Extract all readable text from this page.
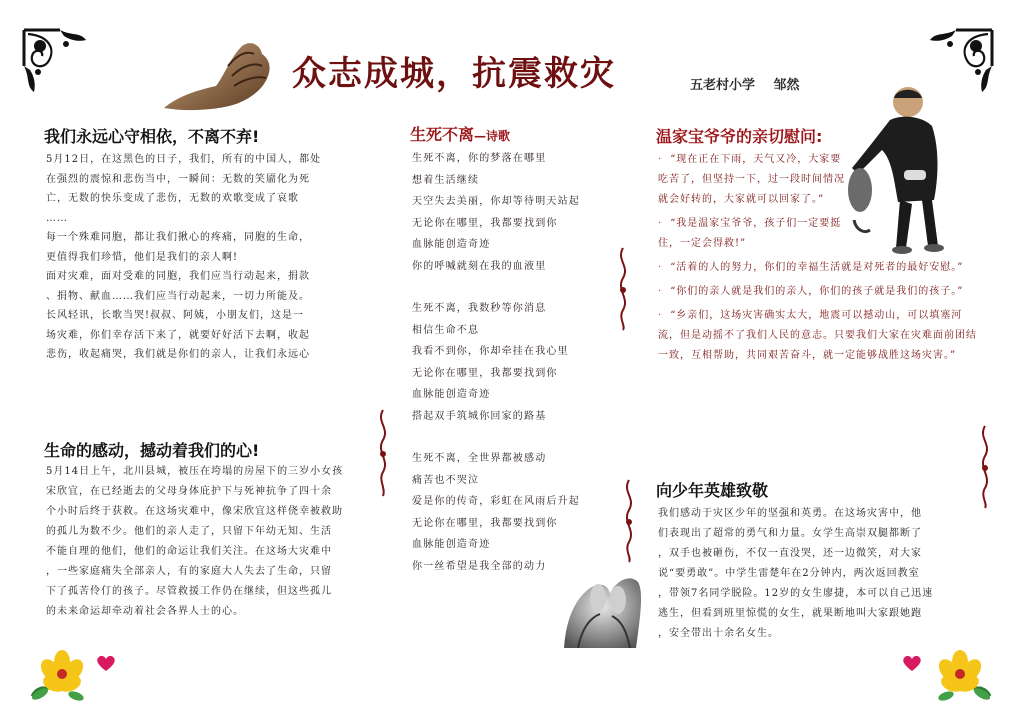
众志成城，抗震救灾	五老村小学 邹然
我们永远心守相依，不离不弃!

5月12日，在这黑色的日子，我们，所有的中国人，都处

在强烈的震惊和悲伤当中，一瞬间：无数的笑靥化为死

亡，无数的快乐变成了悲伤，无数的欢歌变成了哀歌

……

每一个殊难同胞，都让我们揪心的疼痛，同胞的生命，

更值得我们珍惜，他们是我们的亲人啊!

面对灾难，面对受难的同胞，我们应当行动起来，捐款

、捐物、献血……我们应当行动起来，一切力所能及。

长风轻讯，长歌当哭!叔叔、阿姨，小朋友们，这是一

场灾难，你们幸存活下来了，就要好好活下去啊，收起

悲伤，收起痛哭，我们就是你们的亲人，让我们永远心

生命的感动，撼动着我们的心!

5月14日上午，北川县城，被压在垮塌的房屋下的三岁小女孩

宋欣宜，在已经逝去的父母身体庇护下与死神抗争了四十余

个小时后终于获救。在这场灾难中，像宋欣宜这样侥幸被救助

的孤儿为数不少。他们的亲人走了，只留下年幼无知、生活

不能自理的他们，他们的命运让我们关注。在这场大灾难中

，一些家庭痛失全部亲人，有的家庭大人失去了生命，只留

下了孤苦伶仃的孩子。尽管救援工作仍在继续，但这些孤儿

的未来命运却牵动着社会各界人士的心。

生死不离—诗歌
生死不离，你的梦落在哪里
想着生活继续
天空失去美丽，你却等待明天站起
无论你在哪里，我都要找到你
血脉能创造奇迹
你的呼喊就刻在我的血液里
生死不离，我数秒等你消息
相信生命不息
我看不到你，你却牵挂在我心里
无论你在哪里，我都要找到你
血脉能创造奇迹
搭起双手筑城你回家的路基
生死不离，全世界都被感动
痛苦也不哭泣
爱是你的传奇，彩虹在风雨后升起
无论你在哪里，我都要找到你
血脉能创造奇迹
你一丝希望是我全部的动力
温家宝爷爷的亲切慰问:

· “现在正在下雨，天气又冷，大家要吃苦了，但坚持一下，过一段时间情况就会好转的，大家就可以回家了。”

· “我是温家宝爷爷，孩子们一定要挺住，一定会得救!”

· “活着的人的努力，你们的幸福生活就是对死者的最好安慰。”

· “你们的亲人就是我们的亲人，你们的孩子就是我们的孩子。”

· “乡亲们，这场灾害确实太大，地震可以撼动山，可以填塞河流，但是动摇不了我们人民的意志。只要我们大家在灾难面前团结一致，互相帮助，共同艰苦奋斗，就一定能够战胜这场灾害。”

向少年英雄致敬

我们感动于灾区少年的坚强和英勇。在这场灾害中，他

们表现出了超常的勇气和力量。女学生高崇双腿都断了

，双手也被砸伤，不仅一直没哭，还一边微笑，对大家

说“要勇敢”。中学生雷楚年在2分钟内，两次返回教室

，带领7名同学脱险。12岁的女生廖捷，本可以自己迅速

逃生，但看到班里惊慌的女生，就果断地叫大家跟她跑

，安全带出十余名女生。
